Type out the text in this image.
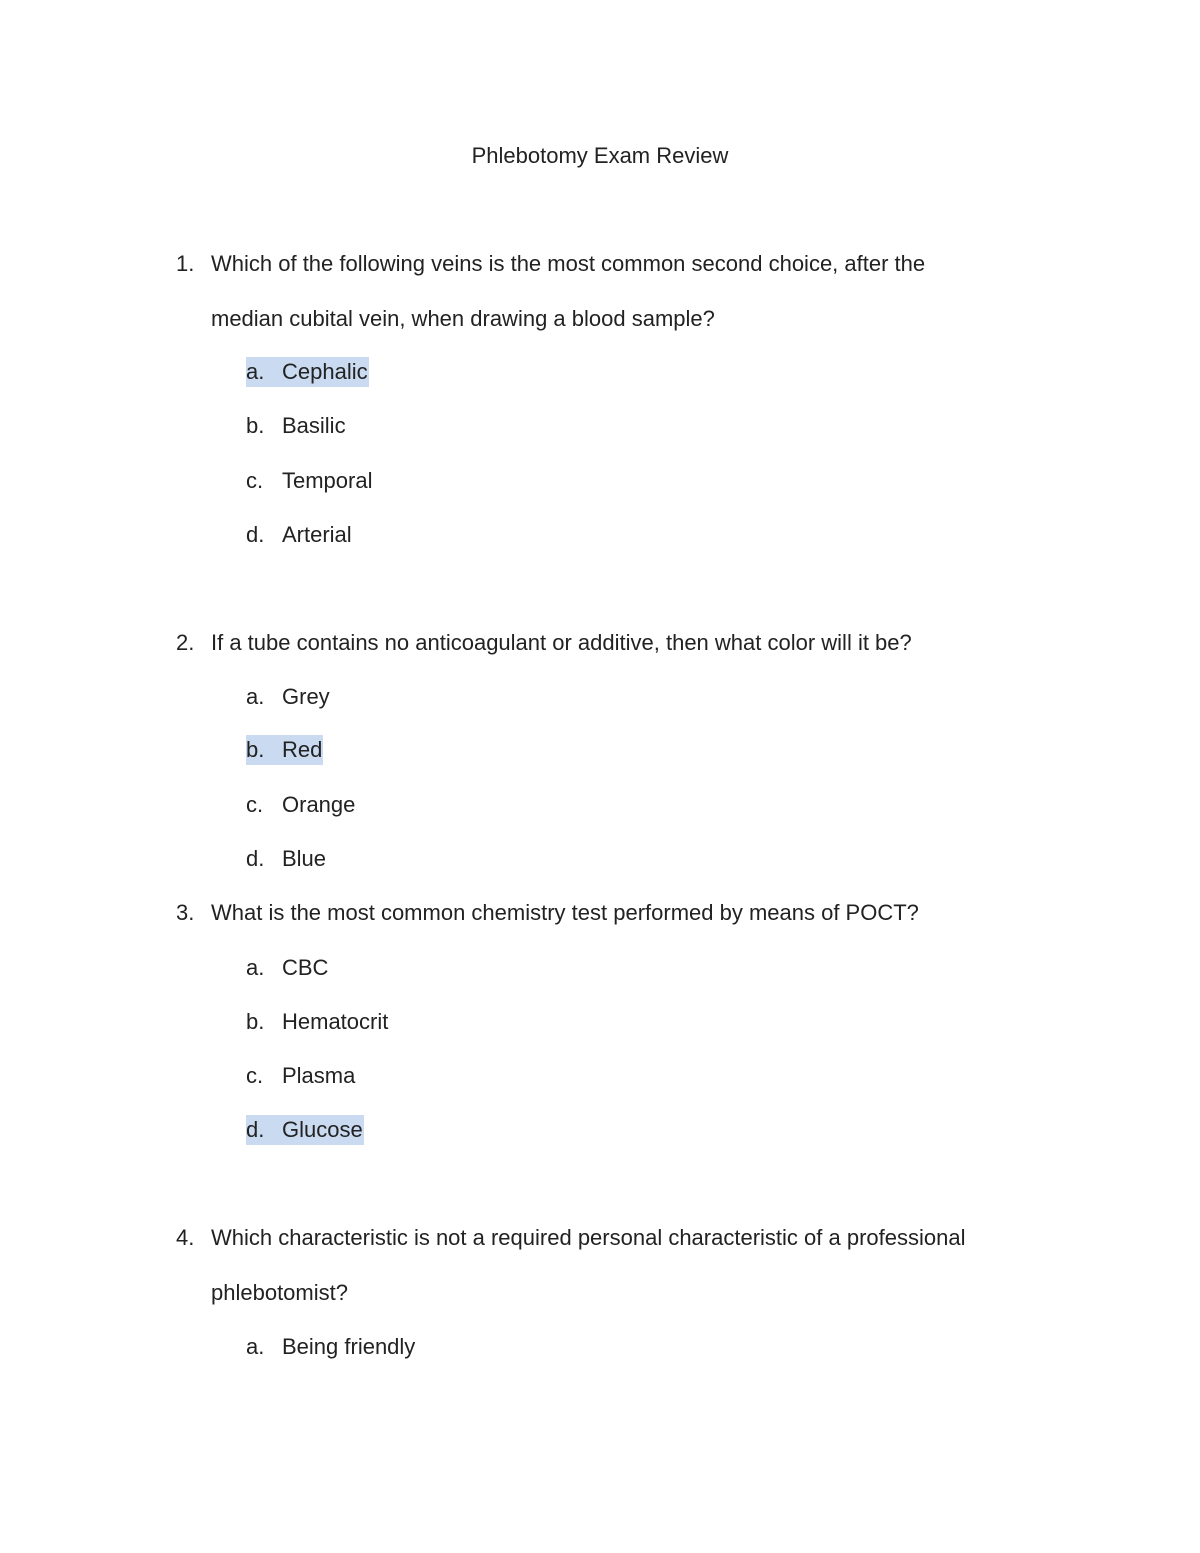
Phlebotomy Exam Review
1. Which of the following veins is the most common second choice, after the
median cubital vein, when drawing a blood sample?
a. Cephalic
b. Basilic
c. Temporal
d. Arterial
2. If a tube contains no anticoagulant or additive, then what color will it be?
a. Grey
b. Red
c. Orange
d. Blue
3. What is the most common chemistry test performed by means of POCT?
a. CBC
b. Hematocrit
c. Plasma
d. Glucose
4. Which characteristic is not a required personal characteristic of a professional
phlebotomist?
a. Being friendly
